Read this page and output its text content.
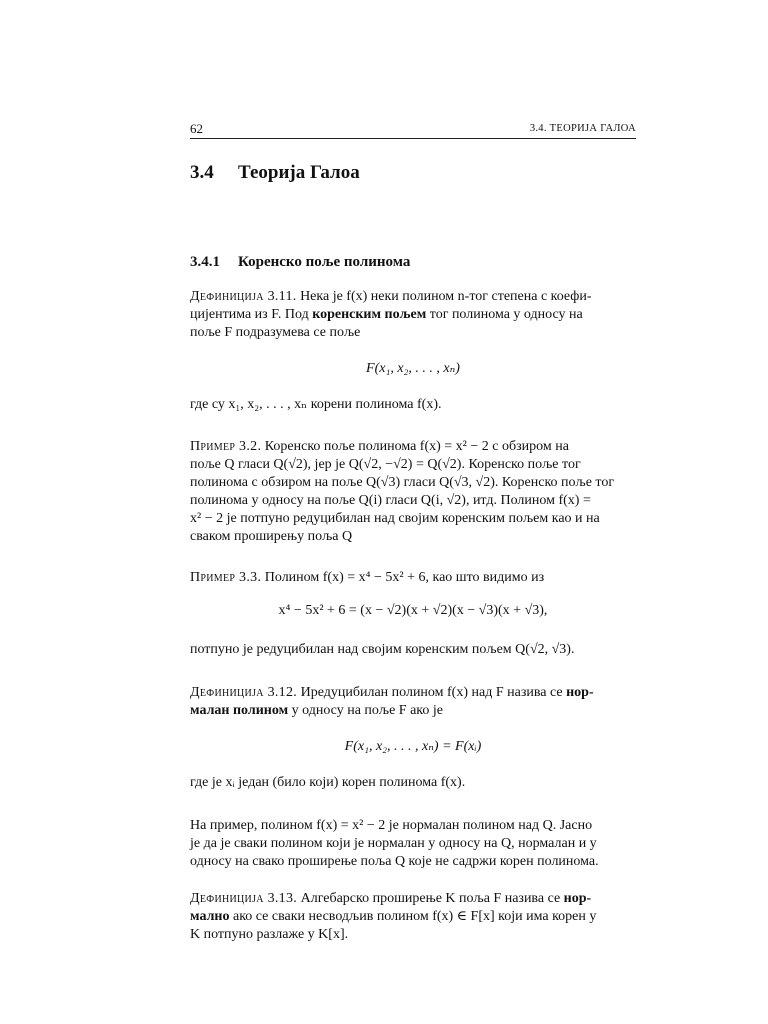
62	3.4. ТЕОРИЈА ГАЛОА
3.4 Теорија Галоа
3.4.1 Коренско поље полинома
Дефиниција 3.11. Нека је f(x) неки полином n-тог степена с коефи-
цијентима из F. Под коренским пољем тог полинома у односу на
поље F подразумева се поље
F(x₁, x₂, . . . , xₙ)
где су x₁, x₂, . . . , xₙ корени полинома f(x).
Пример 3.2. Коренско поље полинома f(x) = x² − 2 с обзиром на
поље Q гласи Q(√2), јер је Q(√2, −√2) = Q(√2). Коренско поље тог
полинома с обзиром на поље Q(√3) гласи Q(√3, √2). Коренско поље тог
полинома у односу на поље Q(i) гласи Q(i, √2), итд. Полином f(x) =
x² − 2 је потпуно редуцибилан над својим коренским пољем као и на
сваком проширењу поља Q
Пример 3.3. Полином f(x) = x⁴ − 5x² + 6, као што видимо из
x⁴ − 5x² + 6 = (x − √2)(x + √2)(x − √3)(x + √3),
потпуно је редуцибилан над својим коренским пољем Q(√2, √3).
Дефиниција 3.12. Иредуцибилан полином f(x) над F назива се нор-
малан полином у односу на поље F ако је
F(x₁, x₂, . . . , xₙ) = F(xᵢ)
где је xᵢ један (било који) корен полинома f(x).
На пример, полином f(x) = x² − 2 је нормалан полином над Q. Јасно
је да је сваки полином који је нормалан у односу на Q, нормалан и у
односу на свако проширење поља Q које не садржи корен полинома.
Дефиниција 3.13. Алгебарско проширење K поља F назива се нор-
мално ако се сваки несводљив полином f(x) ∈ F[x] који има корен у
K потпуно разлаже у K[x].
